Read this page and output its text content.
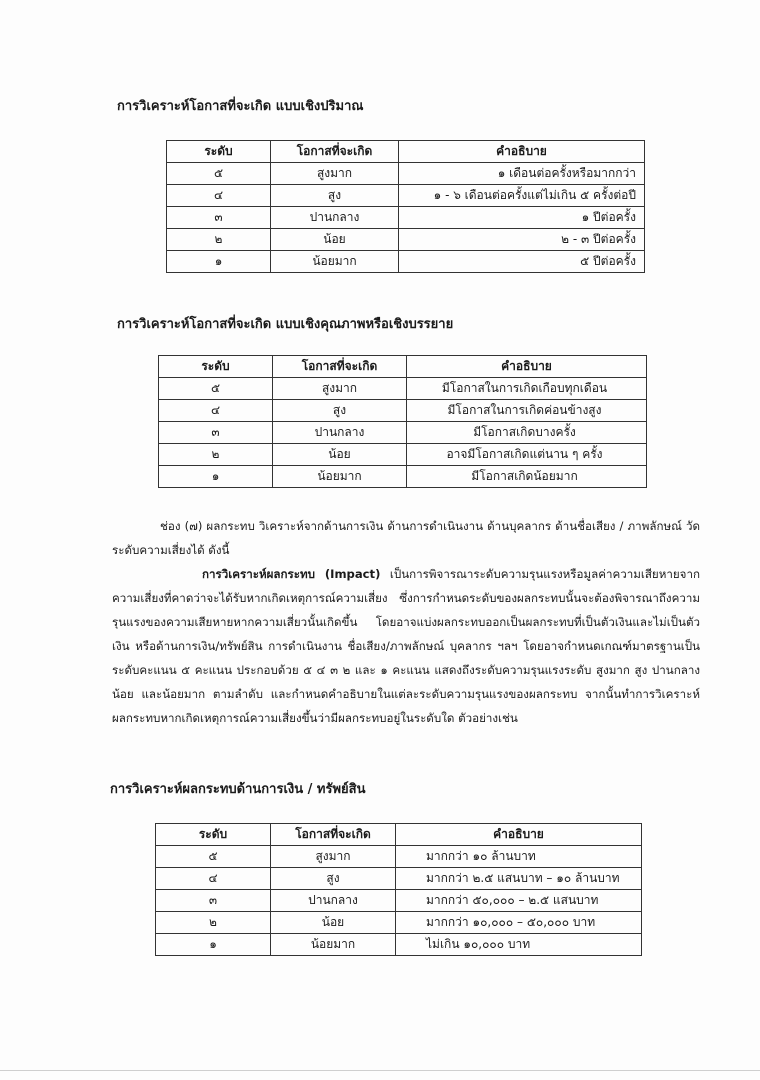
การวิเคราะห์โอกาสที่จะเกิด แบบเชิงปริมาณ
ระดับ	โอกาสที่จะเกิด	คำอธิบาย
๕	สูงมาก	๑ เดือนต่อครั้งหรือมากกว่า
๔	สูง	๑ - ๖ เดือนต่อครั้งแต่ไม่เกิน ๕ ครั้งต่อปี
๓	ปานกลาง	๑ ปีต่อครั้ง
๒	น้อย	๒ - ๓ ปีต่อครั้ง
๑	น้อยมาก	๕ ปีต่อครั้ง
การวิเคราะห์โอกาสที่จะเกิด แบบเชิงคุณภาพหรือเชิงบรรยาย
ระดับ	โอกาสที่จะเกิด	คำอธิบาย
๕	สูงมาก	มีโอกาสในการเกิดเกือบทุกเดือน
๔	สูง	มีโอกาสในการเกิดค่อนข้างสูง
๓	ปานกลาง	มีโอกาสเกิดบางครั้ง
๒	น้อย	อาจมีโอกาสเกิดแต่นาน ๆ ครั้ง
๑	น้อยมาก	มีโอกาสเกิดน้อยมาก

ช่อง (๗) ผลกระทบ วิเคราะห์จากด้านการเงิน ด้านการดำเนินงาน ด้านบุคลากร ด้านชื่อเสียง / ภาพลักษณ์ วัดระดับความเสี่ยงได้ ดังนี้

การวิเคราะห์ผลกระทบ (Impact) เป็นการพิจารณาระดับความรุนแรงหรือมูลค่าความเสียหายจากความเสี่ยงที่คาดว่าจะได้รับหากเกิดเหตุการณ์ความเสี่ยง ซึ่งการกำหนดระดับของผลกระทบนั้นจะต้องพิจารณาถึงความรุนแรงของความเสียหายหากความเสี่ยวนั้นเกิดขึ้น โดยอาจแบ่งผลกระทบออกเป็นผลกระทบที่เป็นตัวเงินและไม่เป็นตัวเงิน หรือด้านการเงิน/ทรัพย์สิน การดำเนินงาน ชื่อเสียง/ภาพลักษณ์ บุคลากร ฯลฯ โดยอาจกำหนดเกณฑ์มาตรฐานเป็นระดับคะแนน ๕ คะแนน ประกอบด้วย ๕ ๔ ๓ ๒ และ ๑ คะแนน แสดงถึงระดับความรุนแรงระดับ สูงมาก สูง ปานกลาง น้อย และน้อยมาก ตามลำดับ และกำหนดคำอธิบายในแต่ละระดับความรุนแรงของผลกระทบ จากนั้นทำการวิเคราะห์ผลกระทบหากเกิดเหตุการณ์ความเสี่ยงขึ้นว่ามีผลกระทบอยู่ในระดับใด ตัวอย่างเช่น

การวิเคราะห์ผลกระทบด้านการเงิน / ทรัพย์สิน
ระดับ	โอกาสที่จะเกิด	คำอธิบาย
๕	สูงมาก	มากกว่า ๑๐ ล้านบาท
๔	สูง	มากกว่า ๒.๕ แสนบาท – ๑๐ ล้านบาท
๓	ปานกลาง	มากกว่า ๕๐,๐๐๐ – ๒.๕ แสนบาท
๒	น้อย	มากกว่า ๑๐,๐๐๐ – ๕๐,๐๐๐ บาท
๑	น้อยมาก	ไม่เกิน ๑๐,๐๐๐ บาท
